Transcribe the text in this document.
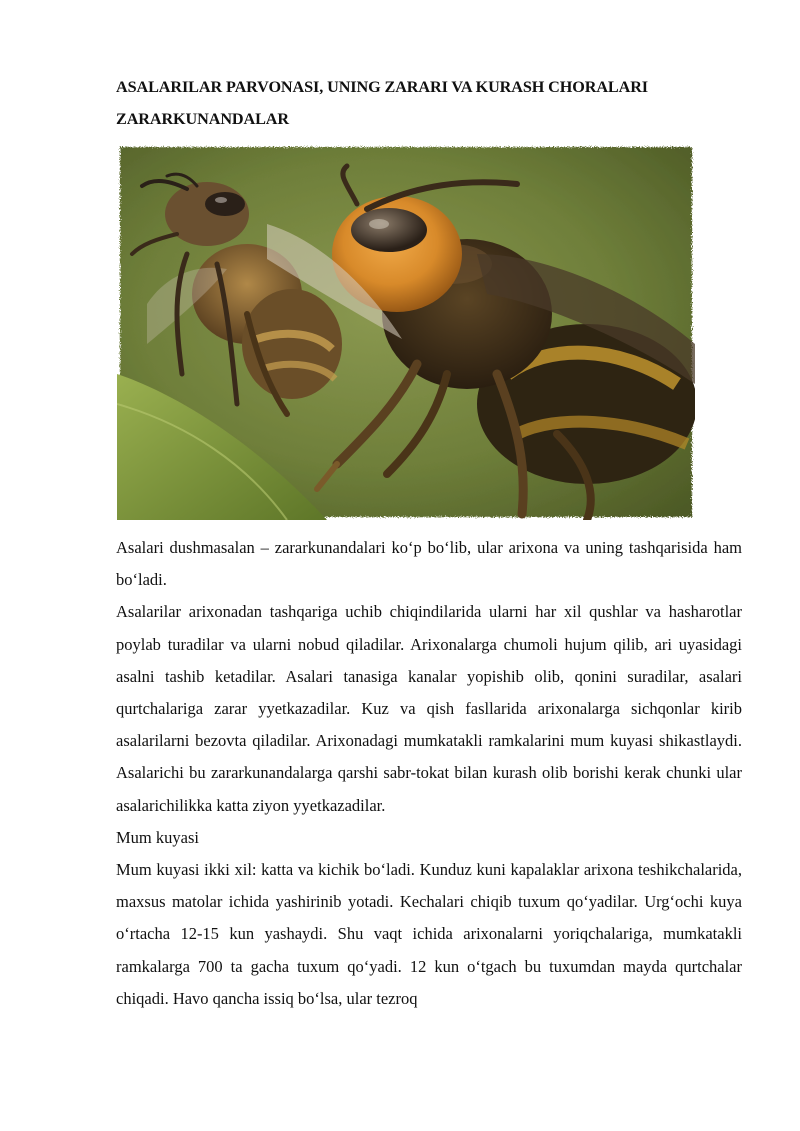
ASALARILAR PARVONASI, UNING ZARARI VA KURASH CHORALARI
ZARARKUNANDALAR

Asalari dushmasalan – zararkunandalari ko‘p bo‘lib, ular arixona va uning tashqarisida ham bo‘ladi.

Asalarilar arixonadan tashqariga uchib chiqindilarida ularni har xil qushlar va hasharotlar poylab turadilar va ularni nobud qiladilar. Arixonalarga chumoli hujum qilib, ari uyasidagi asalni tashib ketadilar. Asalari tanasiga kanalar yopishib olib, qonini suradilar, asalari qurtchalariga zarar yyetkazadilar. Kuz va qish fasllarida arixonalarga sichqonlar kirib asalarilarni bezovta qiladilar. Arixonadagi mumkatakli ramkalarini mum kuyasi shikastlaydi. Asalarichi bu zararkunandalarga qarshi sabr-tokat bilan kurash olib borishi kerak chunki ular asalarichilikka katta ziyon yyetkazadilar.

Mum kuyasi

Mum kuyasi ikki xil: katta va kichik bo‘ladi. Kunduz kuni kapalaklar arixona teshikchalarida, maxsus matolar ichida yashirinib yotadi. Kechalari chiqib tuxum qo‘yadilar. Urg‘ochi kuya o‘rtacha 12-15 kun yashaydi. Shu vaqt ichida arixonalarni yoriqchalariga, mumkatakli ramkalarga 700 ta gacha tuxum qo‘yadi. 12 kun o‘tgach bu tuxumdan mayda qurtchalar chiqadi. Havo qancha issiq bo‘lsa, ular tezroq
